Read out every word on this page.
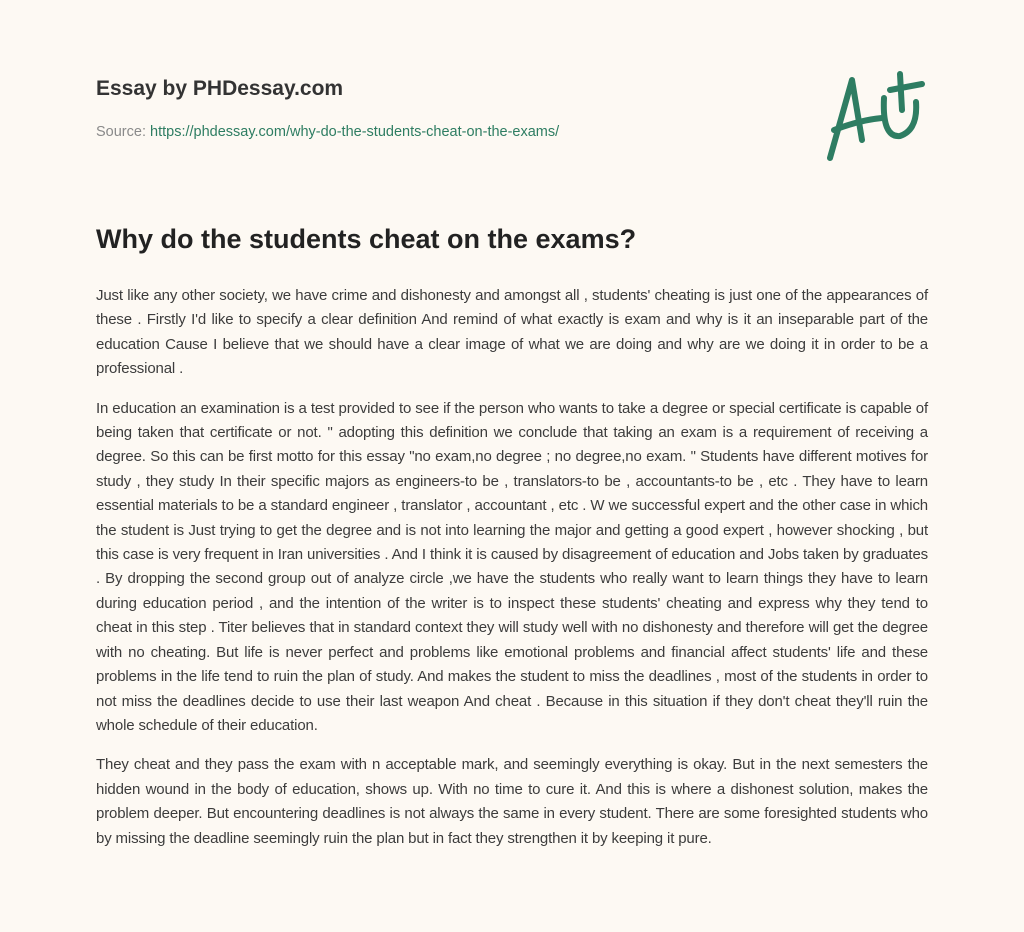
Essay by PHDessay.com
Source: https://phdessay.com/why-do-the-students-cheat-on-the-exams/
Why do the students cheat on the exams?

Just like any other society, we have crime and dishonesty and amongst all , students' cheating is just one of the appearances of these . Firstly I'd like to specify a clear definition And remind of what exactly is exam and why is it an inseparable part of the education Cause I believe that we should have a clear image of what we are doing and why are we doing it in order to be a professional .

In education an examination is a test provided to see if the person who wants to take a degree or special certificate is capable of being taken that certificate or not. " adopting this definition we conclude that taking an exam is a requirement of receiving a degree. So this can be first motto for this essay "no exam,no degree ; no degree,no exam. " Students have different motives for study , they study In their specific majors as engineers-to be , translators-to be , accountants-to be , etc . They have to learn essential materials to be a standard engineer , translator , accountant , etc . W we successful expert and the other case in which the student is Just trying to get the degree and is not into learning the major and getting a good expert , however shocking , but this case is very frequent in Iran universities . And I think it is caused by disagreement of education and Jobs taken by graduates . By dropping the second group out of analyze circle ,we have the students who really want to learn things they have to learn during education period , and the intention of the writer is to inspect these students' cheating and express why they tend to cheat in this step . Titer believes that in standard context they will study well with no dishonesty and therefore will get the degree with no cheating. But life is never perfect and problems like emotional problems and financial affect students' life and these problems in the life tend to ruin the plan of study. And makes the student to miss the deadlines , most of the students in order to not miss the deadlines decide to use their last weapon And cheat . Because in this situation if they don't cheat they'll ruin the whole schedule of their education.

They cheat and they pass the exam with n acceptable mark, and seemingly everything is okay. But in the next semesters the hidden wound in the body of education, shows up. With no time to cure it. And this is where a dishonest solution, makes the problem deeper. But encountering deadlines is not always the same in every student. There are some foresighted students who by missing the deadline seemingly ruin the plan but in fact they strengthen it by keeping it pure.
